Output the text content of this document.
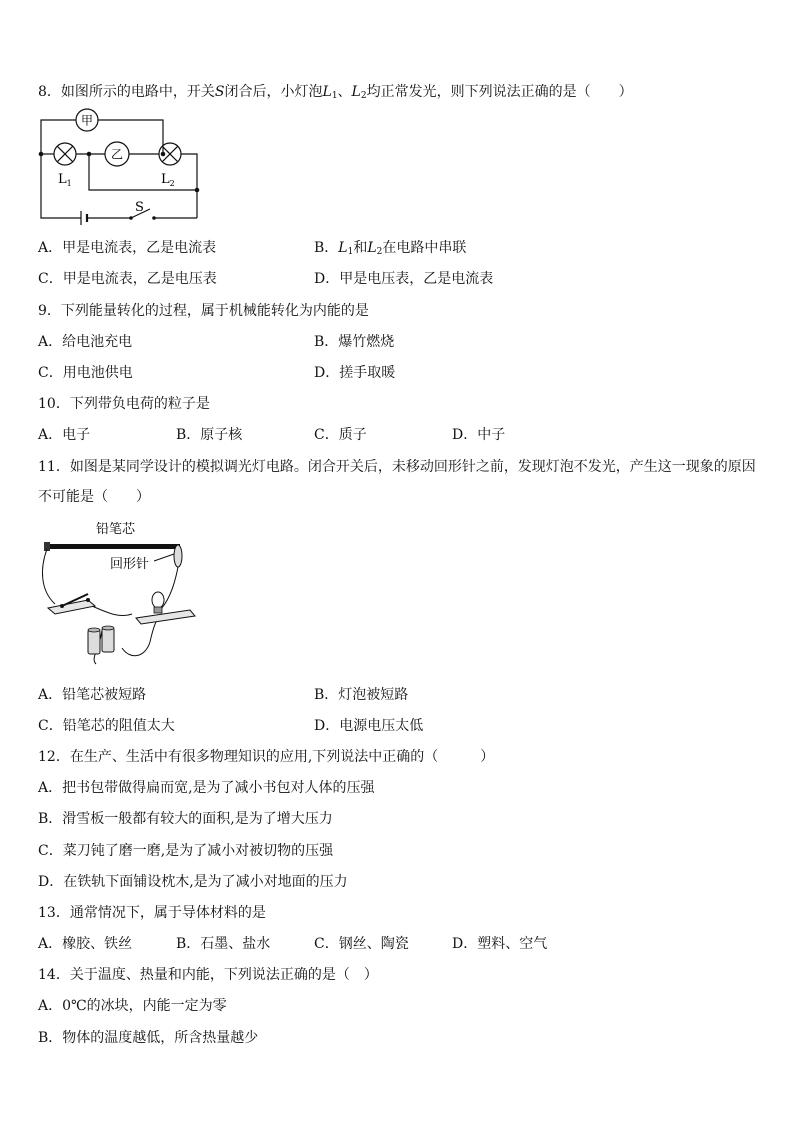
8．如图所示的电路中，开关S闭合后，小灯泡$L_1$、$L_2$均正常发光，则下列说法正确的是（　　）
甲
乙
$L_1$	$L_2$
S
A．甲是电流表，乙是电流表	B．$L_1$和$L_2$在电路中串联
C．甲是电流表，乙是电压表	D．甲是电压表，乙是电流表
9．下列能量转化的过程，属于机械能转化为内能的是
A．给电池充电	B．爆竹燃烧
C．用电池供电	D．搓手取暖
10．下列带负电荷的粒子是
A．电子	B．原子核	C．质子	D．中子
11．如图是某同学设计的模拟调光灯电路。闭合开关后，未移动回形针之前，发现灯泡不发光，产生这一现象的原因
不可能是（　　）
铅笔芯
回形针
A．铅笔芯被短路	B．灯泡被短路
C．铅笔芯的阻值太大	D．电源电压太低
12．在生产、生活中有很多物理知识的应用,下列说法中正确的（　　　）
A．把书包带做得扁而宽,是为了减小书包对人体的压强
B．滑雪板一般都有较大的面积,是为了增大压力
C．菜刀钝了磨一磨,是为了减小对被切物的压强
D．在铁轨下面铺设枕木,是为了减小对地面的压力
13．通常情况下，属于导体材料的是
A．橡胶、铁丝	B．石墨、盐水	C．钢丝、陶瓷	D．塑料、空气
14．关于温度、热量和内能，下列说法正确的是（　）
A．0℃的冰块，内能一定为零
B．物体的温度越低，所含热量越少
